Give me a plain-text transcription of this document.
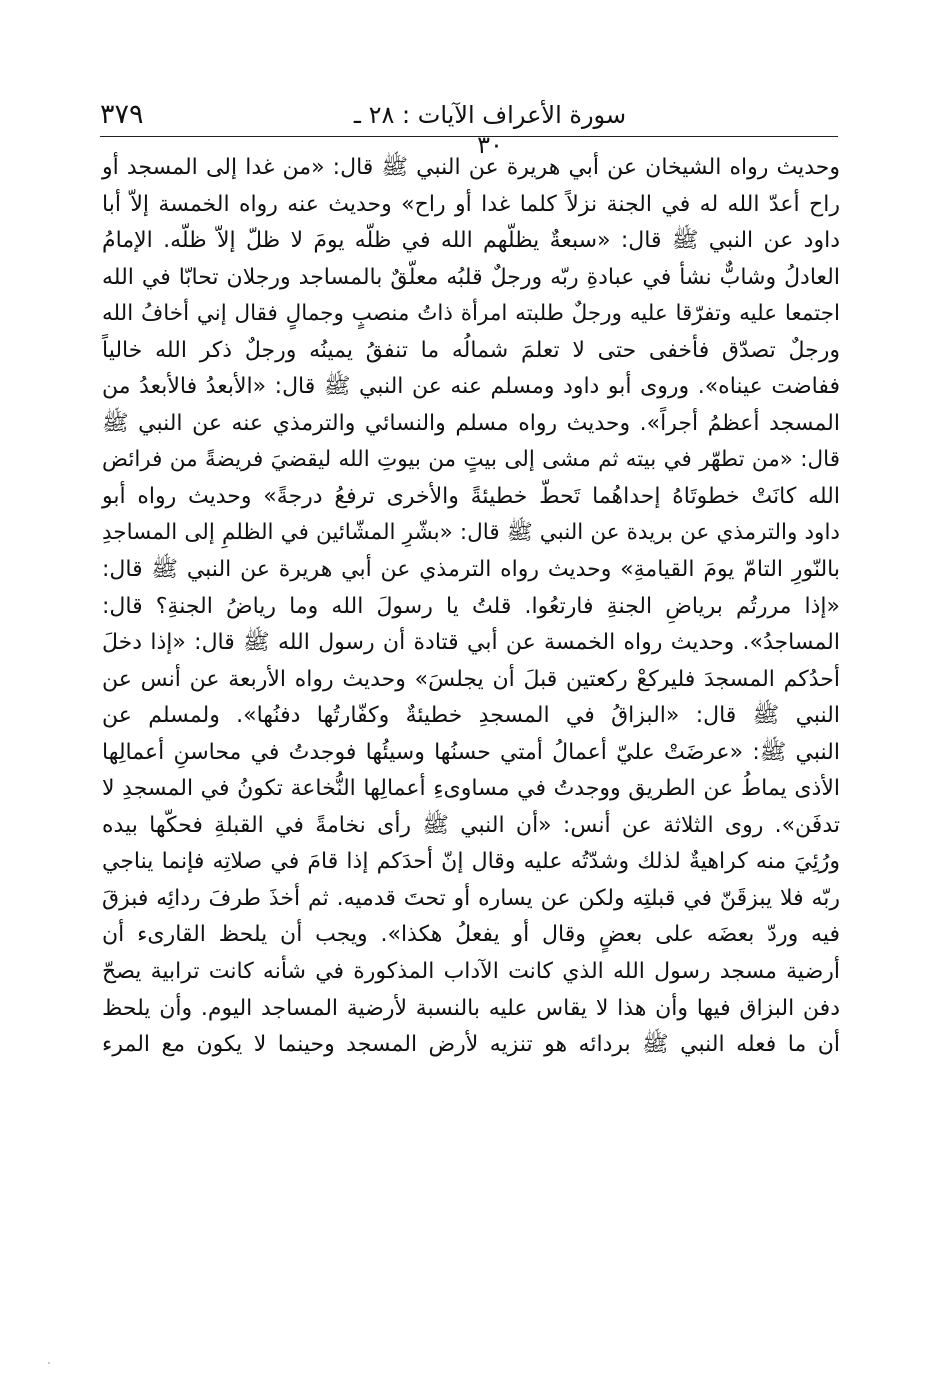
٣٧٩	سورة الأعراف الآيات : ٢٨ ـ ٣٠
وحديث رواه الشيخان عن أبي هريرة عن النبي ﷺ قال: «من غدا إلى المسجد أو
راح أعدّ الله له في الجنة نزلاً كلما غدا أو راح» وحديث عنه رواه الخمسة إلاّ أبا
داود عن النبي ﷺ قال: «سبعةٌ يظلّهم الله في ظلّه يومَ لا ظلّ إلاّ ظلّه. الإمامُ
العادلُ وشابٌّ نشأ في عبادةِ ربّه ورجلٌ قلبُه معلّقٌ بالمساجد ورجلان تحابّا في الله
اجتمعا عليه وتفرّقا عليه ورجلٌ طلبته امرأة ذاتُ منصبٍ وجمالٍ فقال إني أخافُ الله
ورجلٌ تصدّق فأخفى حتى لا تعلمَ شمالُه ما تنفقُ يمينُه ورجلٌ ذكر الله خالياً
ففاضت عيناه». وروى أبو داود ومسلم عنه عن النبي ﷺ قال: «الأبعدُ فالأبعدُ من
المسجد أعظمُ أجراً». وحديث رواه مسلم والنسائي والترمذي عنه عن النبي ﷺ
قال: «من تطهّر في بيته ثم مشى إلى بيتٍ من بيوتِ الله ليقضيَ فريضةً من فرائض
الله كانَتْ خطوتَاهُ إحداهُما تَحطّ خطيئةً والأخرى ترفعُ درجةً» وحديث رواه أبو
داود والترمذي عن بريدة عن النبي ﷺ قال: «بشّرِ المشّائين في الظلمِ إلى المساجدِ
بالنّورِ التامّ يومَ القيامةِ» وحديث رواه الترمذي عن أبي هريرة عن النبي ﷺ قال:
«إذا مررتُم برياضِ الجنةِ فارتعُوا. قلتُ يا رسولَ الله وما رياضُ الجنةِ؟ قال:
المساجدُ». وحديث رواه الخمسة عن أبي قتادة أن رسول الله ﷺ قال: «إذا دخلَ
أحدُكم المسجدَ فليركعْ ركعتين قبلَ أن يجلسَ» وحديث رواه الأربعة عن أنس عن
النبي ﷺ قال: «البزاقُ في المسجدِ خطيئةٌ وكفّارتُها دفنُها». ولمسلم عن
النبي ﷺ: «عرضَتْ عليّ أعمالُ أمتي حسنُها وسيئُها فوجدتُ في محاسنِ أعمالِها
الأذى يماطُ عن الطريق ووجدتُ في مساوىءِ أعمالِها النُّخاعة تكونُ في المسجدِ لا
تدفَن». روى الثلاثة عن أنس: «أن النبي ﷺ رأى نخامةً في القبلةِ فحكّها بيده
ورُئِيَ منه كراهيةٌ لذلك وشدّتُه عليه وقال إنّ أحدَكم إذا قامَ في صلاتِه فإنما يناجي
ربّه فلا يبزقَنّ في قبلتِه ولكن عن يساره أو تحتَ قدميه. ثم أخذَ طرفَ ردائِه فبزقَ
فيه وردّ بعضَه على بعضٍ وقال أو يفعلُ هكذا». ويجب أن يلحظ القارىء أن
أرضية مسجد رسول الله الذي كانت الآداب المذكورة في شأنه كانت ترابية يصحّ
دفن البزاق فيها وأن هذا لا يقاس عليه بالنسبة لأرضية المساجد اليوم. وأن يلحظ
أن ما فعله النبي ﷺ بردائه هو تنزيه لأرض المسجد وحينما لا يكون مع المرء
